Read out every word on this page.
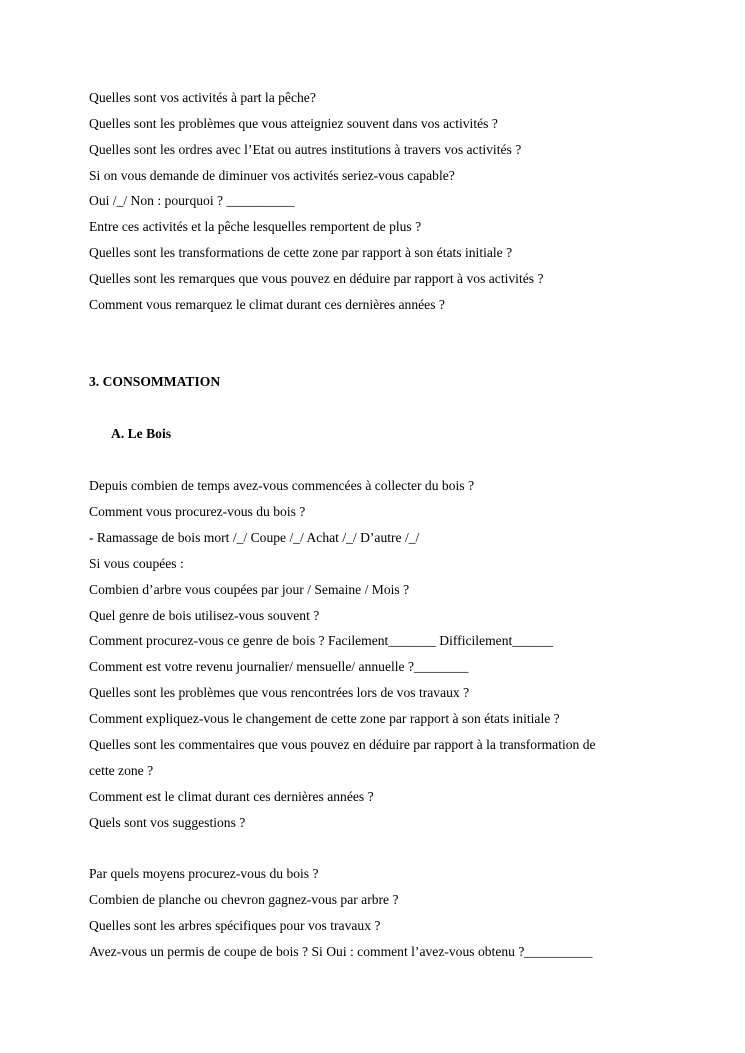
Quelles sont vos activités à part la pêche?
Quelles sont les problèmes que vous atteigniez souvent dans vos activités ?
Quelles sont les ordres avec l’Etat ou autres institutions à travers vos activités ?
Si on vous demande de diminuer vos activités seriez-vous capable?
Oui /_/ Non : pourquoi ? __________
Entre ces activités et la pêche lesquelles remportent de plus ?
Quelles sont les transformations de cette zone par rapport à son états initiale ?
Quelles sont les remarques que vous pouvez en déduire par rapport à vos activités ?
Comment vous remarquez le climat durant ces dernières années ?
3. CONSOMMATION
A. Le Bois
Depuis combien de temps avez-vous commencées à collecter du bois ?
Comment vous procurez-vous du bois ?
- Ramassage de bois mort /_/ Coupe /_/ Achat /_/ D’autre /_/
Si vous coupées :
Combien d’arbre vous coupées par jour / Semaine / Mois ?
Quel genre de bois utilisez-vous souvent ?
Comment procurez-vous ce genre de bois ? Facilement_______ Difficilement______
Comment est votre revenu journalier/ mensuelle/ annuelle ?________
Quelles sont les problèmes que vous rencontrées lors de vos travaux ?
Comment expliquez-vous le changement de cette zone par rapport à son états initiale ?
Quelles sont les commentaires que vous pouvez en déduire par rapport à la transformation de
cette zone ?
Comment est le climat durant ces dernières années ?
Quels sont vos suggestions ?
Par quels moyens procurez-vous du bois ?
Combien de planche ou chevron gagnez-vous par arbre ?
Quelles sont les arbres spécifiques pour vos travaux ?
Avez-vous un permis de coupe de bois ? Si Oui : comment l’avez-vous obtenu ?__________
